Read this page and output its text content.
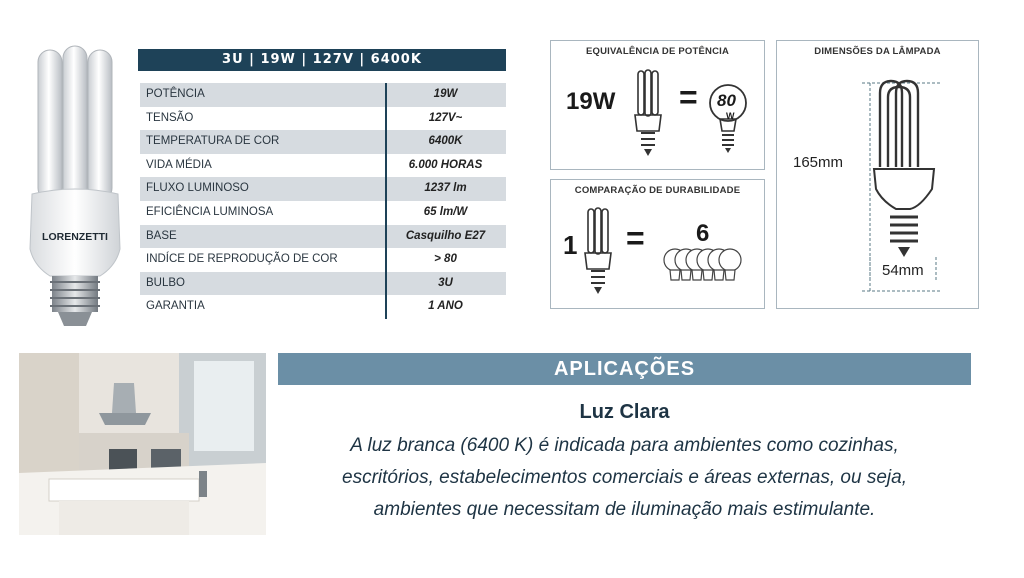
LORENZETTI
3U | 19W | 127V | 6400K
POTÊNCIA	19W
TENSÃO	127V~
TEMPERATURA DE COR	6400K
VIDA MÉDIA	6.000 HORAS
FLUXO LUMINOSO	1237 lm
EFICIÊNCIA LUMINOSA	65 lm/W
BASE	Casquilho E27
INDÍCE DE REPRODUÇÃO DE COR	> 80
BULBO	3U
GARANTIA	1 ANO
EQUIVALÊNCIA DE POTÊNCIA
19W = 80
W
COMPARAÇÃO DE DURABILIDADE
1 = 6
DIMENSÕES DA LÂMPADA
165mm
54mm
APLICAÇÕES
Luz Clara
A luz branca (6400 K) é indicada para ambientes como cozinhas,
escritórios, estabelecimentos comerciais e áreas externas, ou seja,
ambientes que necessitam de iluminação mais estimulante.
